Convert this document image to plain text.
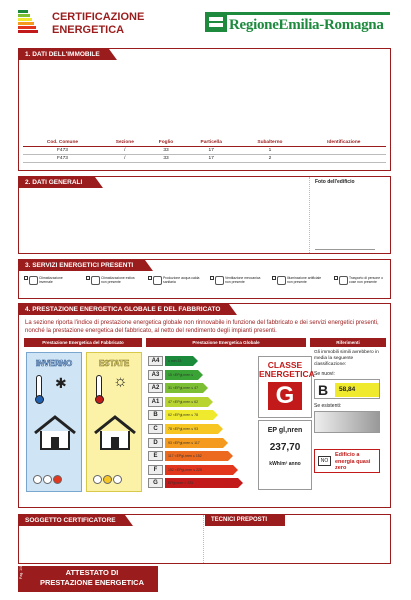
CERTIFICAZIONE
ENERGETICA	RegioneEmilia-Romagna
1. DATI DELL'IMMOBILE
Cod. Comune	Sezione	Foglio	Particella	Subalterno	Identificazione
F473	/	33	17	1	
F473	/	33	17	2	
2. DATI GENERALI	Foto dell'edificio
3. SERVIZI ENERGETICI PRESENTI
Climatizzazione invernale
Climatizzazione estiva non presente
Produzione acqua calda sanitaria
Ventilazione meccanica non presente
Illuminazione artificiale non presente
Trasporto di persone o cose non presente
4. PRESTAZIONE ENERGETICA GLOBALE E DEL FABBRICATO
La sezione riporta l'indice di prestazione energetica globale non rinnovabile in funzione del fabbricato e dei servizi energetici presenti, nonché la prestazione energetica del fabbricato, al netto del rendimento degli impianti presenti.
Prestazione Energetica del Fabbricato	Prestazione Energetica Globale	Riferimenti
INVERNO
✱
ESTATE
☼
A4	≤ min 15
A3	15 <EPgl,nren ≤
A2	31 <EPgl,nren ≤ 47
A1	47 <EPgl,nren ≤ 62
B	62 <EPgl,nren ≤ 78
C	78 <EPgl,nren ≤ 93
D	93 <EPgl,nren ≤ 117
E	117 <EPgl,nren ≤ 152
F	152 <EPgl,nren ≤ 225
G	EPgl,nren > 225
CLASSE ENERGETICA
G
EP gl,nren
237,70
kWh/m² anno
Gli immobili simili avrebbero in media la seguente classificazione:
Se nuovi:
B	58,84
Se esistenti:
NO
Edificio a energia quasi zero
SOGGETTO CERTIFICATORE	TECNICI PREPOSTI
Pag. 1/4	ATTESTATO DI
PRESTAZIONE ENERGETICA
